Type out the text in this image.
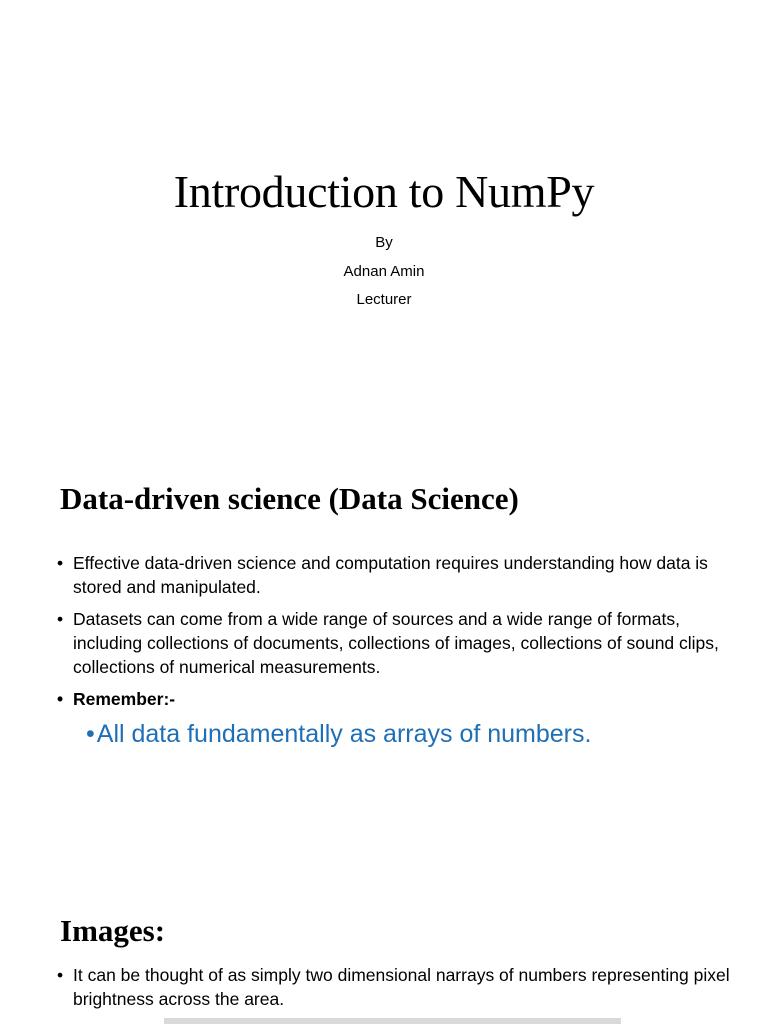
Introduction to NumPy
By
Adnan Amin
Lecturer
Data-driven science (Data Science)
• Effective data-driven science and computation requires understanding how data is stored and manipulated.
• Datasets can come from a wide range of sources and a wide range of formats, including collections of documents, collections of images, collections of sound clips, collections of numerical measurements.
• Remember:-
•All data fundamentally as arrays of numbers.
Images:
• It can be thought of as simply two dimensional narrays of numbers representing pixel brightness across the area.
